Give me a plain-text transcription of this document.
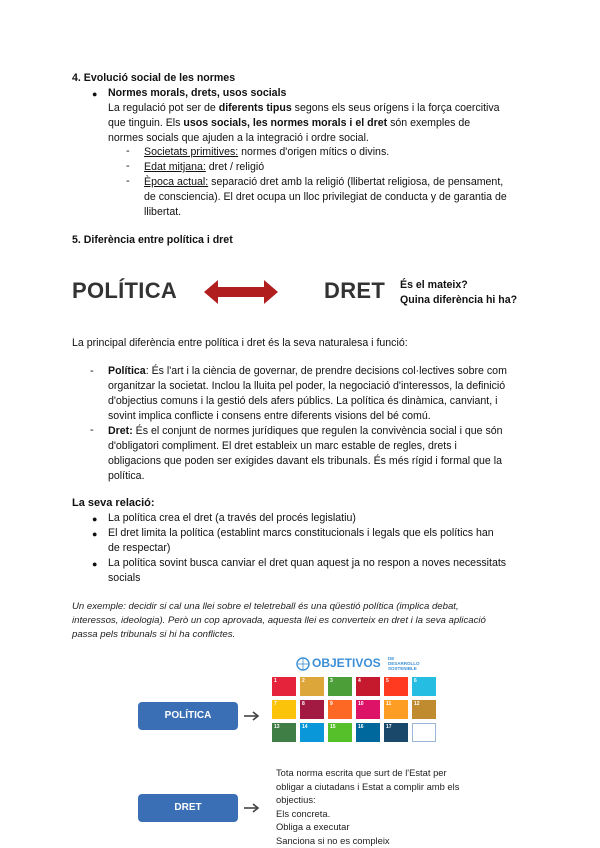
4. Evolució social de les normes
● Normes morals, drets, usos socials
La regulació pot ser de diferents tipus segons els seus orígens i la força coercitiva
que tinguin. Els usos socials, les normes morals i el dret són exemples de
normes socials que ajuden a la integració i ordre social.
- Societats primitives: normes d'origen mítics o divins.
- Edat mitjana: dret / religió
- Època actual: separació dret amb la religió (llibertat religiosa, de pensament,
de consciencia). El dret ocupa un lloc privilegiat de conducta y de garantia de
llibertat.
5. Diferència entre política i dret
POLÍTICA	DRET És el mateix?
Quina diferència hi ha?
La principal diferència entre política i dret és la seva naturalesa i funció:
- Política: És l'art i la ciència de governar, de prendre decisions col·lectives sobre com
organitzar la societat. Inclou la lluita pel poder, la negociació d'interessos, la definició
d'objectius comuns i la gestió dels afers públics. La política és dinàmica, canviant, i
sovint implica conflicte i consens entre diferents visions del bé comú.
- Dret: És el conjunt de normes jurídiques que regulen la convivència social i que són
d'obligatori compliment. El dret estableix un marc estable de regles, drets i
obligacions que poden ser exigides davant els tribunals. És més rígid i formal que la
política.
La seva relació:
● La política crea el dret (a través del procés legislatiu)
● El dret limita la política (establint marcs constitucionals i legals que els polítics han
de respectar)
● La política sovint busca canviar el dret quan aquest ja no respon a noves necessitats
socials
Un exemple: decidir si cal una llei sobre el teletreball és una qüestió política (implica debat,
interessos, ideologia). Però un cop aprovada, aquesta llei es converteix en dret i la seva aplicació
passa pels tribunals si hi ha conflictes.
POLÍTICA
DRET
OBJETIVOS DE DESARROLLO
SOSTENIBLE
1	2	3	4	5	6
7	8	9	10	11	12
13	14	15	16	17
Tota norma escrita que surt de l'Estat per
obligar a ciutadans i Estat a complir amb els
objectius:
Els concreta.
Obliga a executar
Sanciona si no es compleix
